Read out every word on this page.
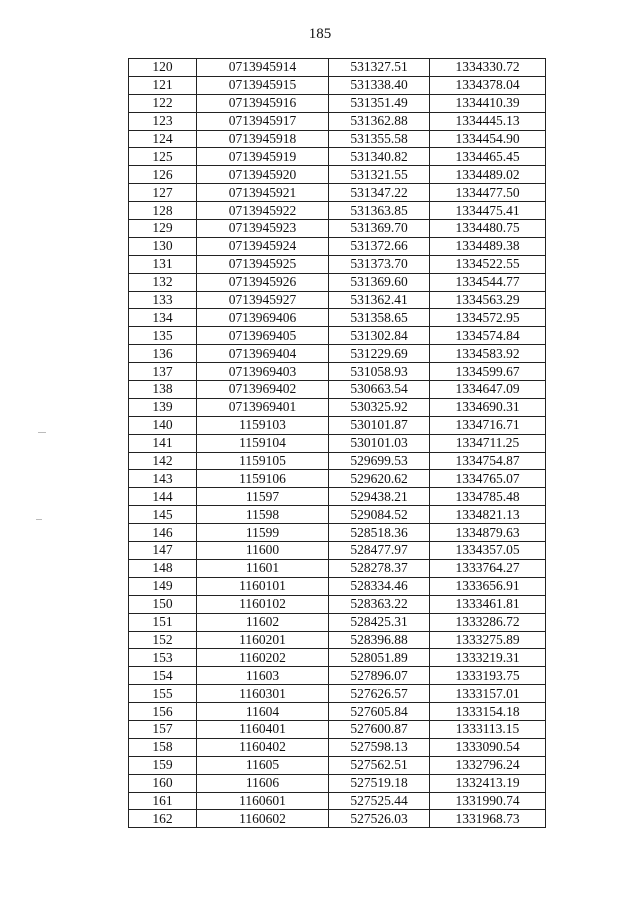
185
120	0713945914	531327.51	1334330.72
121	0713945915	531338.40	1334378.04
122	0713945916	531351.49	1334410.39
123	0713945917	531362.88	1334445.13
124	0713945918	531355.58	1334454.90
125	0713945919	531340.82	1334465.45
126	0713945920	531321.55	1334489.02
127	0713945921	531347.22	1334477.50
128	0713945922	531363.85	1334475.41
129	0713945923	531369.70	1334480.75
130	0713945924	531372.66	1334489.38
131	0713945925	531373.70	1334522.55
132	0713945926	531369.60	1334544.77
133	0713945927	531362.41	1334563.29
134	0713969406	531358.65	1334572.95
135	0713969405	531302.84	1334574.84
136	0713969404	531229.69	1334583.92
137	0713969403	531058.93	1334599.67
138	0713969402	530663.54	1334647.09
139	0713969401	530325.92	1334690.31
140	1159103	530101.87	1334716.71
141	1159104	530101.03	1334711.25
142	1159105	529699.53	1334754.87
143	1159106	529620.62	1334765.07
144	11597	529438.21	1334785.48
145	11598	529084.52	1334821.13
146	11599	528518.36	1334879.63
147	11600	528477.97	1334357.05
148	11601	528278.37	1333764.27
149	1160101	528334.46	1333656.91
150	1160102	528363.22	1333461.81
151	11602	528425.31	1333286.72
152	1160201	528396.88	1333275.89
153	1160202	528051.89	1333219.31
154	11603	527896.07	1333193.75
155	1160301	527626.57	1333157.01
156	11604	527605.84	1333154.18
157	1160401	527600.87	1333113.15
158	1160402	527598.13	1333090.54
159	11605	527562.51	1332796.24
160	11606	527519.18	1332413.19
161	1160601	527525.44	1331990.74
162	1160602	527526.03	1331968.73
